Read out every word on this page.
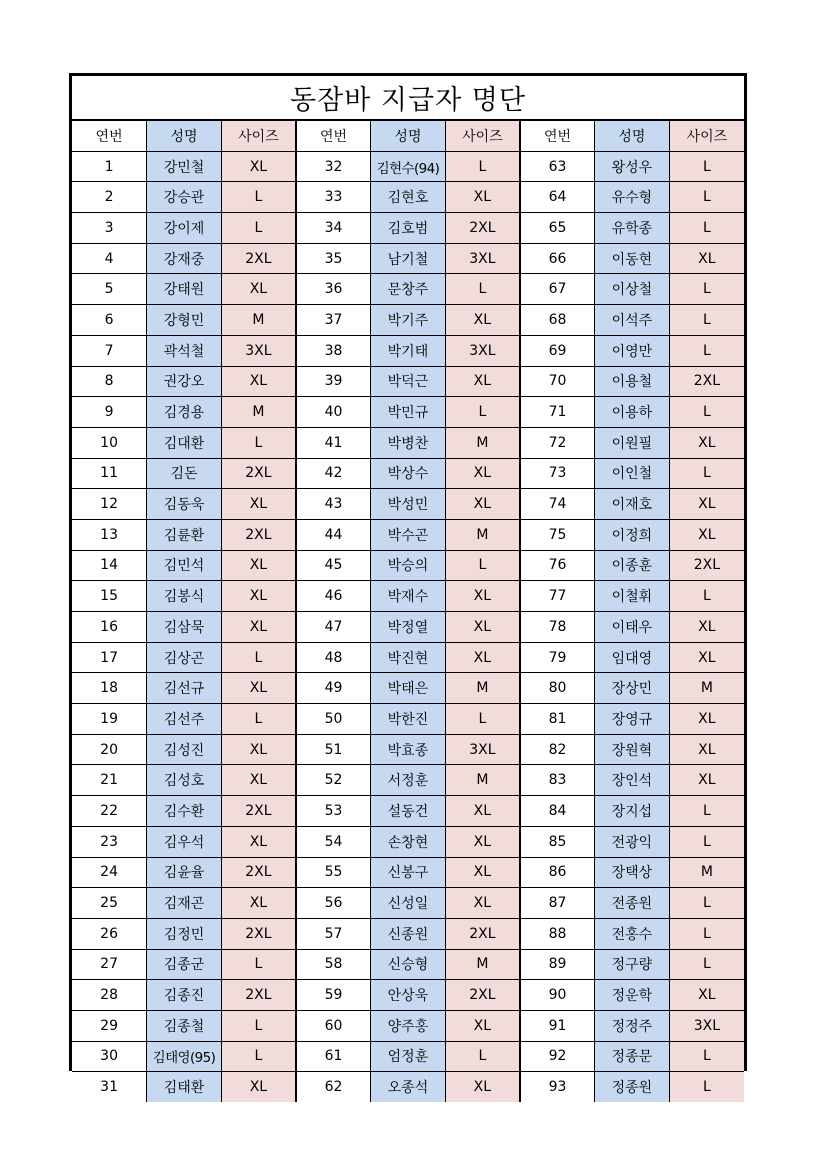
동잠바 지급자 명단
연번	성명	사이즈	연번	성명	사이즈	연번	성명	사이즈
1	강민철	XL	32	김현수(94)	L	63	왕성우	L
2	강승관	L	33	김현호	XL	64	유수형	L
3	강이제	L	34	김호범	2XL	65	유학종	L
4	강재중	2XL	35	남기철	3XL	66	이동현	XL
5	강태원	XL	36	문창주	L	67	이상철	L
6	강형민	M	37	박기주	XL	68	이석주	L
7	곽석철	3XL	38	박기태	3XL	69	이영만	L
8	권강오	XL	39	박덕근	XL	70	이용철	2XL
9	김경용	M	40	박민규	L	71	이용하	L
10	김대환	L	41	박병찬	M	72	이원필	XL
11	김돈	2XL	42	박상수	XL	73	이인철	L
12	김동욱	XL	43	박성민	XL	74	이재호	XL
13	김륜환	2XL	44	박수곤	M	75	이정희	XL
14	김민석	XL	45	박승의	L	76	이종훈	2XL
15	김봉식	XL	46	박재수	XL	77	이철휘	L
16	김삼묵	XL	47	박정열	XL	78	이태우	XL
17	김상곤	L	48	박진현	XL	79	임대영	XL
18	김선규	XL	49	박태은	M	80	장상민	M
19	김선주	L	50	박한진	L	81	장영규	XL
20	김성진	XL	51	박효종	3XL	82	장원혁	XL
21	김성호	XL	52	서정훈	M	83	장인석	XL
22	김수환	2XL	53	설동건	XL	84	장지섭	L
23	김우석	XL	54	손창현	XL	85	전광익	L
24	김윤율	2XL	55	신봉구	XL	86	장택상	M
25	김재곤	XL	56	신성일	XL	87	전종원	L
26	김정민	2XL	57	신종원	2XL	88	전홍수	L
27	김종군	L	58	신승형	M	89	정구량	L
28	김종진	2XL	59	안상욱	2XL	90	정운학	XL
29	김종철	L	60	양주홍	XL	91	정정주	3XL
30	김태영(95)	L	61	엄정훈	L	92	정종문	L
31	김태환	XL	62	오종석	XL	93	정종원	L
